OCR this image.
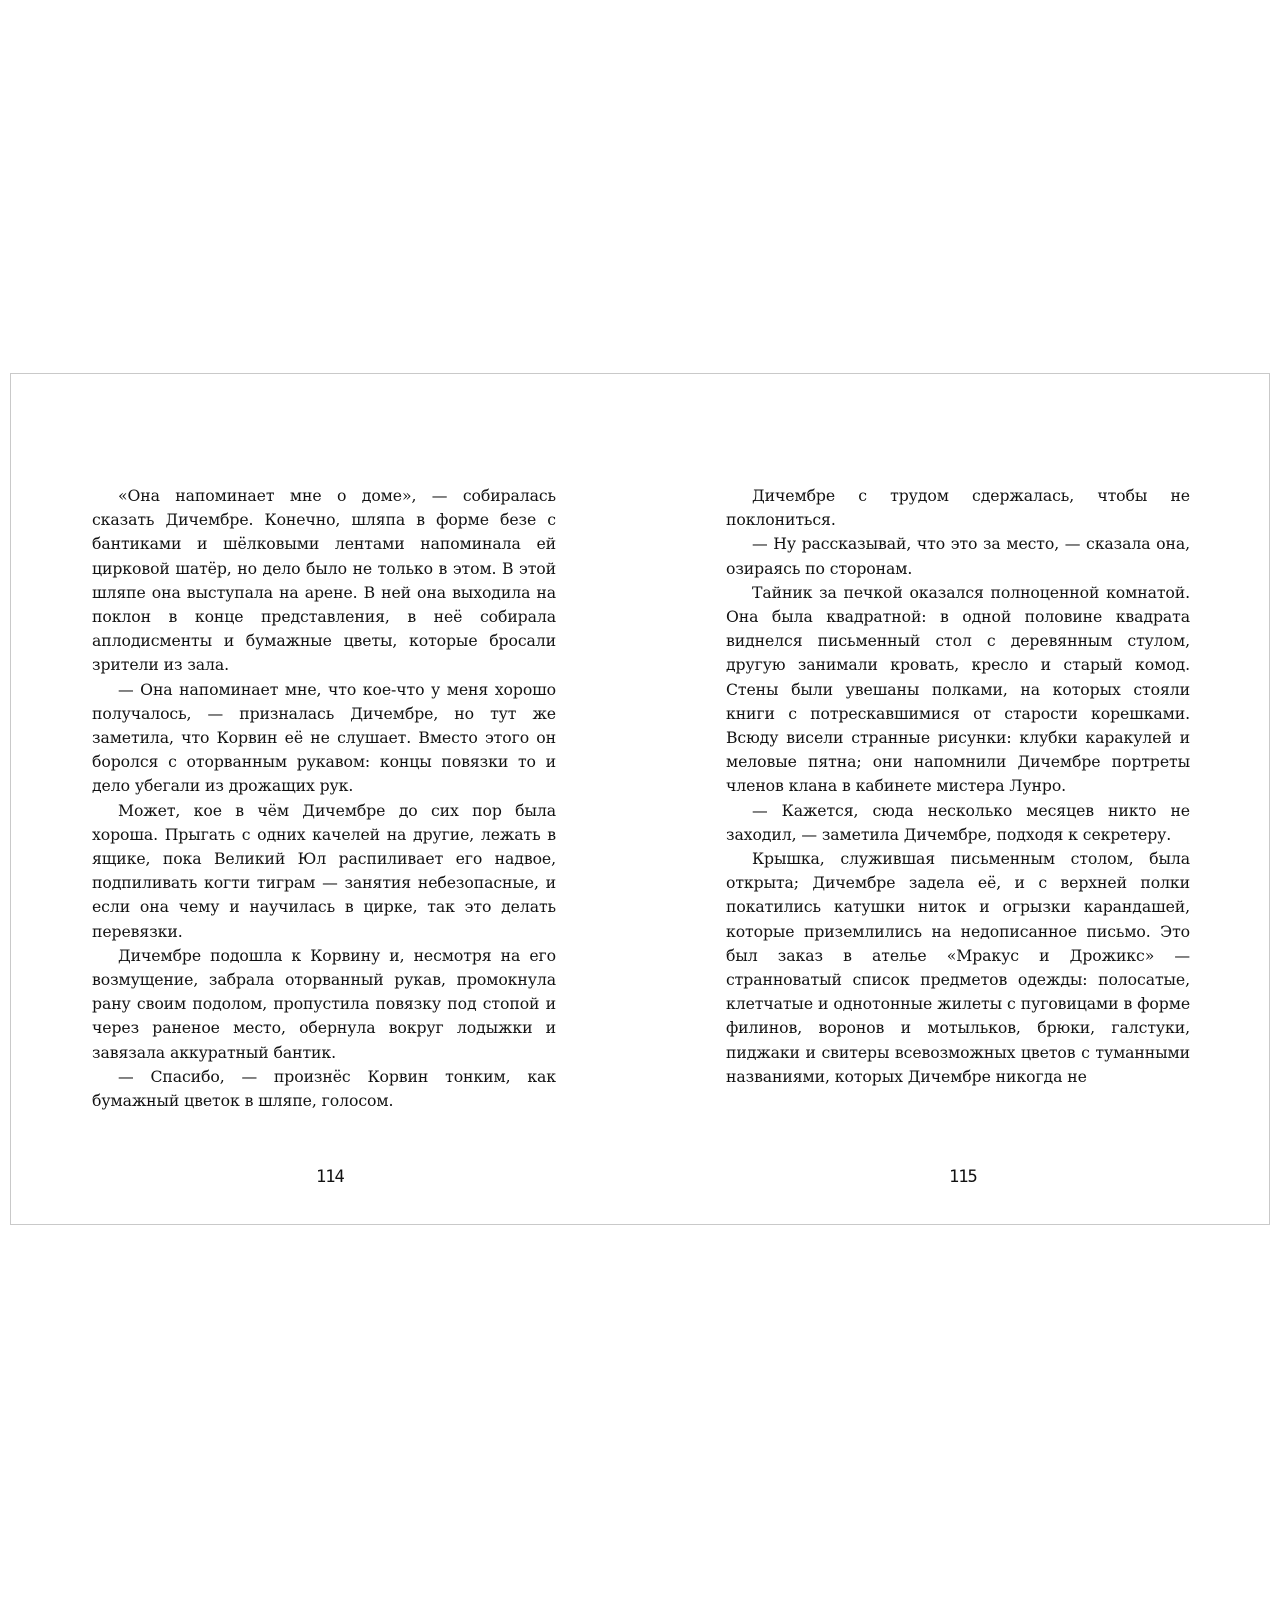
«Она напоминает мне о доме», — собиралась сказать Дичембре. Конечно, шляпа в форме безе с бантиками и шёлковыми лентами напоминала ей цирковой шатёр, но дело было не только в этом. В этой шляпе она выступала на арене. В ней она выходила на поклон в конце представления, в неё собирала аплодисменты и бумажные цветы, которые бросали зрители из зала.

— Она напоминает мне, что кое-что у меня хорошо получалось, — призналась Дичембре, но тут же заметила, что Корвин её не слушает. Вместо этого он боролся с оторванным рукавом: концы повязки то и дело убегали из дрожащих рук.

Может, кое в чём Дичембре до сих пор была хороша. Прыгать с одних качелей на другие, лежать в ящике, пока Великий Юл распиливает его надвое, подпиливать когти тиграм — занятия небезопасные, и если она чему и научилась в цирке, так это делать перевязки.

Дичембре подошла к Корвину и, несмотря на его возмущение, забрала оторванный рукав, промокнула рану своим подолом, пропустила повязку под стопой и через раненое место, обернула вокруг лодыжки и завязала аккуратный бантик.

— Спасибо, — произнёс Корвин тонким, как бумажный цветок в шляпе, голосом.

114

Дичембре с трудом сдержалась, чтобы не поклониться.

— Ну рассказывай, что это за место, — сказала она, озираясь по сторонам.

Тайник за печкой оказался полноценной комнатой. Она была квадратной: в одной половине квадрата виднелся письменный стол с деревянным стулом, другую занимали кровать, кресло и старый комод. Стены были увешаны полками, на которых стояли книги с потрескавшимися от старости корешками. Всюду висели странные рисунки: клубки каракулей и меловые пятна; они напомнили Дичембре портреты членов клана в кабинете мистера Лунро.

— Кажется, сюда несколько месяцев никто не заходил, — заметила Дичембре, подходя к секретеру.

Крышка, служившая письменным столом, была открыта; Дичембре задела её, и с верхней полки покатились катушки ниток и огрызки карандашей, которые приземлились на недописанное письмо. Это был заказ в ателье «Мракус и Дрожикс» — странноватый список предметов одежды: полосатые, клетчатые и однотонные жилеты с пуговицами в форме филинов, воронов и мотыльков, брюки, галстуки, пиджаки и свитеры всевозможных цветов с туманными названиями, которых Дичембре никогда не

115
